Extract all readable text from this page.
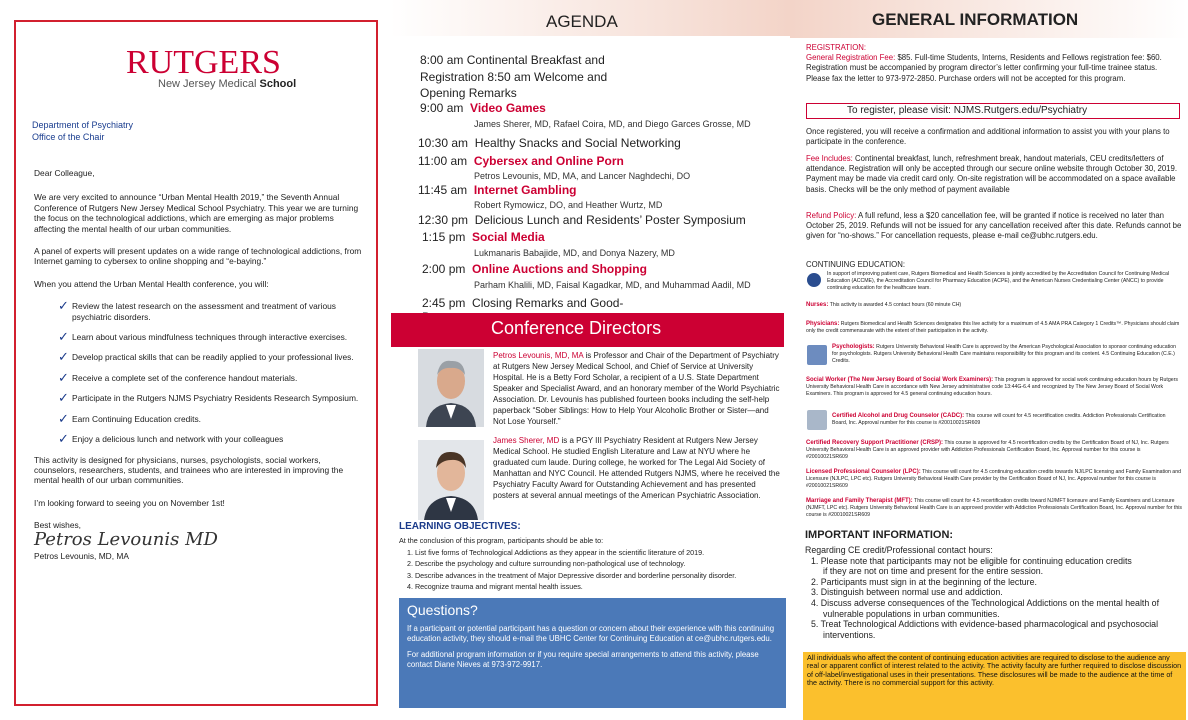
RUTGERS
New Jersey Medical School
Department of Psychiatry
Office of the Chair
Dear Colleague,
We are very excited to announce “Urban Mental Health 2019,” the Seventh Annual Conference of Rutgers New Jersey Medical School Psychiatry. This year we are turning the focus on the technological addictions, which are emerging as major problems affecting the mental health of our urban communities.
A panel of experts will present updates on a wide range of technological addictions, from Internet gaming to cybersex to online shopping and “e-baying.”
When you attend the Urban Mental Health conference, you will:
✓ Review the latest research on the assessment and treatment of various psychiatric disorders.
✓ Learn about various mindfulness techniques through interactive exercises.
✓ Develop practical skills that can be readily applied to your professional lives.
✓ Receive a complete set of the conference handout materials.
✓ Participate in the Rutgers NJMS Psychiatry Residents Research Symposium.
✓ Earn Continuing Education credits.
✓ Enjoy a delicious lunch and network with your colleagues
This activity is designed for physicians, nurses, psychologists, social workers, counselors, researchers, students, and trainees who are interested in improving the mental health of our urban communities.
I’m looking forward to seeing you on November 1st!
Best wishes,
Petros Levounis MD
Petros Levounis, MD, MA
AGENDA
8:00 am Continental Breakfast and
Registration 8:50 am Welcome and
Opening Remarks
9:00 am Video Games
James Sherer, MD, Rafael Coira, MD, and Diego Garces Grosse, MD
10:30 am Healthy Snacks and Social Networking
11:00 am Cybersex and Online Porn
Petros Levounis, MD, MA, and Lancer Naghdechi, DO
11:45 am Internet Gambling
Robert Rymowicz, DO, and Heather Wurtz, MD
12:30 pm Delicious Lunch and Residents’ Poster Symposium
1:15 pm Social Media
Lukmanaris Babajide, MD, and Donya Nazery, MD
2:00 pm Online Auctions and Shopping
Parham Khalili, MD, Faisal Kagadkar, MD, and Muhammad Aadil, MD
2:45 pm Closing Remarks and Good-
Conference Directors
Petros Levounis, MD, MA is Professor and Chair of the Department of Psychiatry at Rutgers New Jersey Medical School, and Chief of Service at University Hospital. He is a Betty Ford Scholar, a recipient of a U.S. State Department Speaker and Specialist Award, and an honorary member of the World Psychiatric Association. Dr. Levounis has published fourteen books including the self-help paperback “Sober Siblings: How to Help Your Alcoholic Brother or Sister—and Not Lose Yourself.”
James Sherer, MD is a PGY III Psychiatry Resident at Rutgers New Jersey Medical School. He studied English Literature and Law at NYU where he graduated cum laude. During college, he worked for The Legal Aid Society of Manhattan and NYC Council. He attended Rutgers NJMS, where he received the Psychiatry Faculty Award for Outstanding Achievement and has presented posters at several annual meetings of the American Psychiatric Association.
LEARNING OBJECTIVES:
At the conclusion of this program, participants should be able to:
1. List five forms of Technological Addictions as they appear in the scientific literature of 2019.
2. Describe the psychology and culture surrounding non-pathological use of technology.
3. Describe advances in the treatment of Major Depressive disorder and borderline personality disorder.
4. Recognize trauma and migrant mental health issues.
Questions?

If a participant or potential participant has a question or concern about their experience with this continuing education activity, they should e-mail the UBHC Center for Continuing Education at ce@ubhc.rutgers.edu.

For additional program information or if you require special arrangements to attend this activity, please contact Diane Nieves at 973-972-9917.

GENERAL INFORMATION
REGISTRATION:
General Registration Fee: $85. Full-time Students, Interns, Residents and Fellows registration fee: $60. Registration must be accompanied by program director’s letter confirming your full-time trainee status. Please fax the letter to 973-972-2850. Purchase orders will not be accepted for this program.
To register, please visit: NJMS.Rutgers.edu/Psychiatry
Once registered, you will receive a confirmation and additional information to assist you with your plans to participate in the conference.
Fee Includes: Continental breakfast, lunch, refreshment break, handout materials, CEU credits/letters of attendance. Registration will only be accepted through our secure online website through October 30, 2019. Payment may be made via credit card only. On-site registration will be accommodated on a space available basis. Checks will be the only method of payment available
Refund Policy: A full refund, less a $20 cancellation fee, will be granted if notice is received no later than October 25, 2019. Refunds will not be issued for any cancellation received after this date. Refunds cannot be given for “no-shows.” For cancellation requests, please e-mail ce@ubhc.rutgers.edu.
CONTINUING EDUCATION:
In support of improving patient care, Rutgers Biomedical and Health Sciences is jointly accredited by the Accreditation Council for Continuing Medical Education (ACCME), the Accreditation Council for Pharmacy Education (ACPE), and the American Nurses Credentialing Center (ANCC) to provide continuing education for the healthcare team.
Nurses: This activity is awarded 4.5 contact hours (60 minute CH)
Physicians: Rutgers Biomedical and Health Sciences designates this live activity for a maximum of 4.5 AMA PRA Category 1 Credits™. Physicians should claim only the credit commensurate with the extent of their participation in the activity.
Psychologists: Rutgers University Behavioral Health Care is approved by the American Psychological Association to sponsor continuing education for psychologists. Rutgers University Behavioral Health Care maintains responsibility for this program and its content. 4.5 Continuing Education (C.E.) Credits.
Social Worker (The New Jersey Board of Social Work Examiners): This program is approved for social work continuing education hours by Rutgers University Behavioral Health Care in accordance with New Jersey administrative code 13:44G-6.4 and recognized by The New Jersey Board of Social Work Examiners. This program is approved for 4.5 general continuing education hours.
Certified Alcohol and Drug Counselor (CADC): This course will count for 4.5 recertification credits. Addiction Professionals Certification Board, Inc. Approval number for this course is #20010021SR609
Certified Recovery Support Practitioner (CRSP): This course is approved for 4.5 recertification credits by the Certification Board of NJ, Inc. Rutgers University Behavioral Health Care is an approved provider with Addiction Professionals Certification Board, Inc. Approval number for this course is #20010021SR609
Licensed Professional Counselor (LPC): This course will count for 4.5 continuing education credits towards NJ/LPC licensing and Family Examination and Licensure (NJLPC, LPC etc). Rutgers University Behavioral Health Care provider by the Certification Board of NJ, Inc. Approval number for this course is #20010021SR609
Marriage and Family Therapist (MFT): This course will count for 4.5 recertification credits toward NJ/MFT licensure and Family Examiners and Licensure (NJMFT, LPC etc). Rutgers University Behavioral Health Care is an approved provider with Addiction Professionals Certification Board, Inc. Approval number for this course is #20010021SR609
IMPORTANT INFORMATION:
Regarding CE credit/Professional contact hours:
1. Please note that participants may not be eligible for continuing education credits
if they are not on time and present for the entire session.
2. Participants must sign in at the beginning of the lecture.
3. Distinguish between normal use and addiction.
4. Discuss adverse consequences of the Technological Addictions on the mental health of
vulnerable populations in urban communities.
5. Treat Technological Addictions with evidence-based pharmacological and psychosocial
interventions.
All individuals who affect the content of continuing education activities are required to disclose to the audience any real or apparent conflict of interest related to the activity. The activity faculty are further required to disclose discussion of off-label/investigational uses in their presentations. These disclosures will be made to the audience at the time of the activity. There is no commercial support for this activity.
